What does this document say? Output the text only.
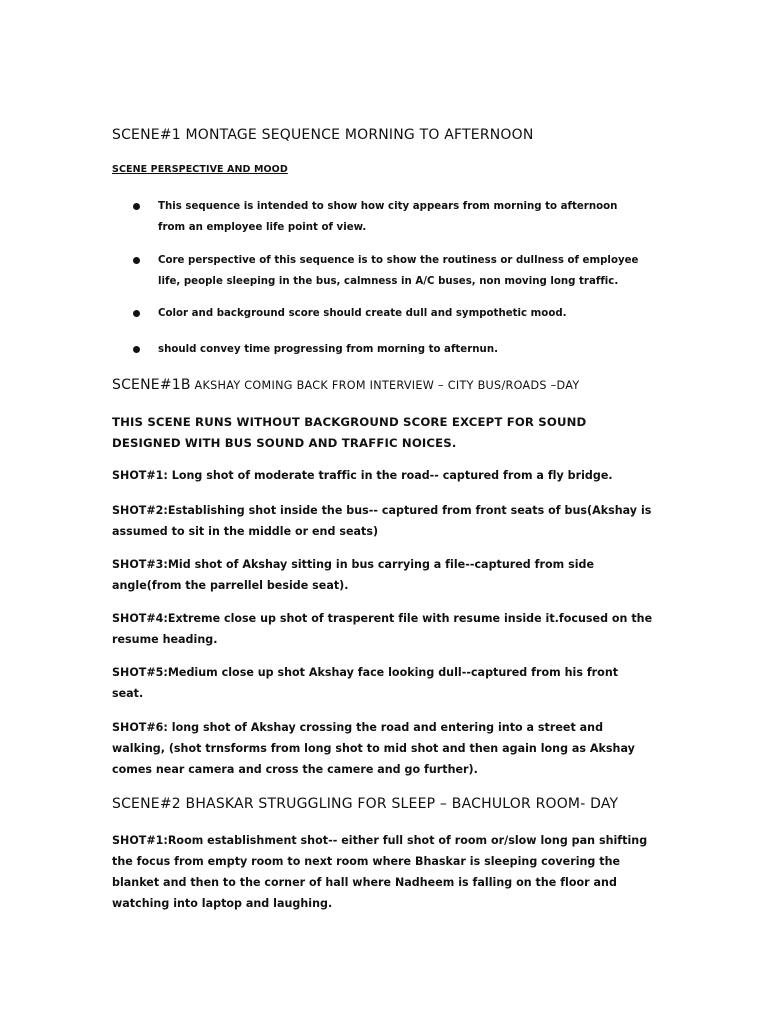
SCENE#1 MONTAGE SEQUENCE MORNING TO AFTERNOON
SCENE PERSPECTIVE AND MOOD
This sequence is intended to show how city appears from morning to afternoon from an employee life point of view.
Core perspective of this sequence is to show the routiness or dullness of employee life, people sleeping in the bus, calmness in A/C buses, non moving long traffic.
Color and background score should create dull and sympothetic mood.
should convey time progressing from morning to afternun.
SCENE#1B AKSHAY COMING BACK FROM INTERVIEW – CITY BUS/ROADS –DAY
THIS SCENE RUNS WITHOUT BACKGROUND SCORE EXCEPT FOR SOUND DESIGNED WITH BUS SOUND AND TRAFFIC NOICES.
SHOT#1: Long shot of moderate traffic in the road-- captured from a fly bridge.
SHOT#2:Establishing shot inside the bus-- captured from front seats of bus(Akshay is assumed to sit in the middle or end seats)
SHOT#3:Mid shot of Akshay sitting in bus carrying a file--captured from side angle(from the parrellel beside seat).
SHOT#4:Extreme close up shot of trasperent file with resume inside it.focused on the resume heading.
SHOT#5:Medium close up shot Akshay face looking dull--captured from his front seat.
SHOT#6: long shot of Akshay crossing the road and entering into a street and walking, (shot trnsforms from long shot to mid shot and then again long as Akshay comes near camera and cross the camere and go further).
SCENE#2 BHASKAR STRUGGLING FOR SLEEP – BACHULOR ROOM- DAY
SHOT#1:Room establishment shot-- either full shot of room or/slow long pan shifting the focus from empty room to next room where Bhaskar is sleeping covering the blanket and then to the corner of hall where Nadheem is falling on the floor and watching into laptop and laughing.
